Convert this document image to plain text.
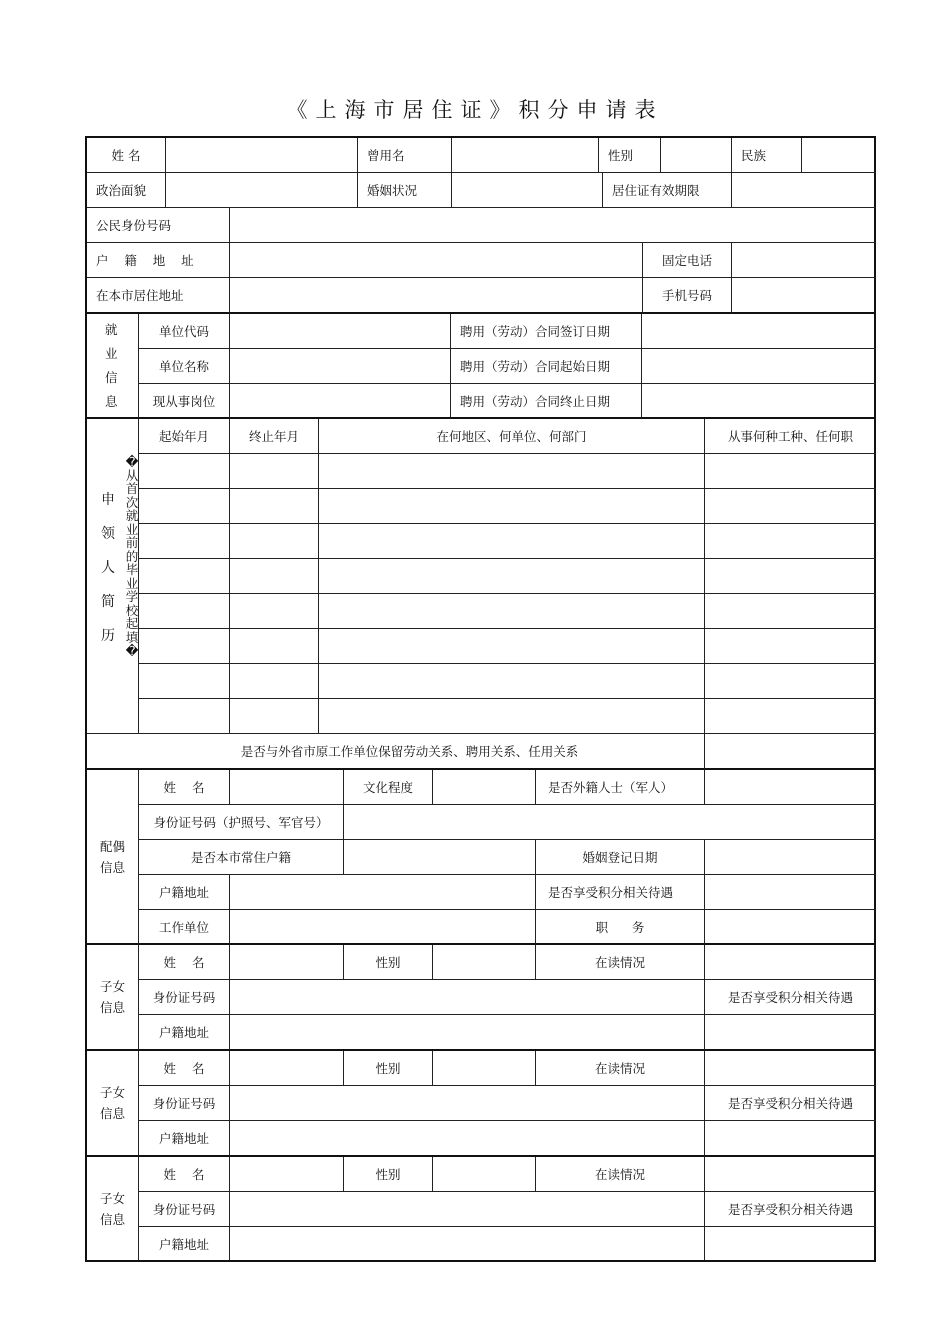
《上海市居住证》积分申请表
姓 名	曾用名	性别	民族
政治面貌	婚姻状况	居住证有效期限
公民身份号码
户    籍    地    址	固定电话
在本市居住地址	手机号码
就业信息
单位代码	聘用（劳动）合同签订日期
单位名称	聘用（劳动）合同起始日期
现从事岗位	聘用（劳动）合同终止日期
申领人简历
�从首次就业前的毕业学校起填�
起始年月	终止年月	在何地区、何单位、何部门	从事何种工种、任何职
是否与外省市原工作单位保留劳动关系、聘用关系、任用关系
配偶
信息
姓    名	文化程度	是否外籍人士（军人）
身份证号码（护照号、军官号）
是否本市常住户籍	婚姻登记日期
户籍地址	是否享受积分相关待遇
工作单位	职      务
子女
信息
姓    名	性别	在读情况
身份证号码	是否享受积分相关待遇
户籍地址
子女
信息
姓    名	性别	在读情况
身份证号码	是否享受积分相关待遇
户籍地址
子女
信息
姓    名	性别	在读情况
身份证号码	是否享受积分相关待遇
户籍地址
